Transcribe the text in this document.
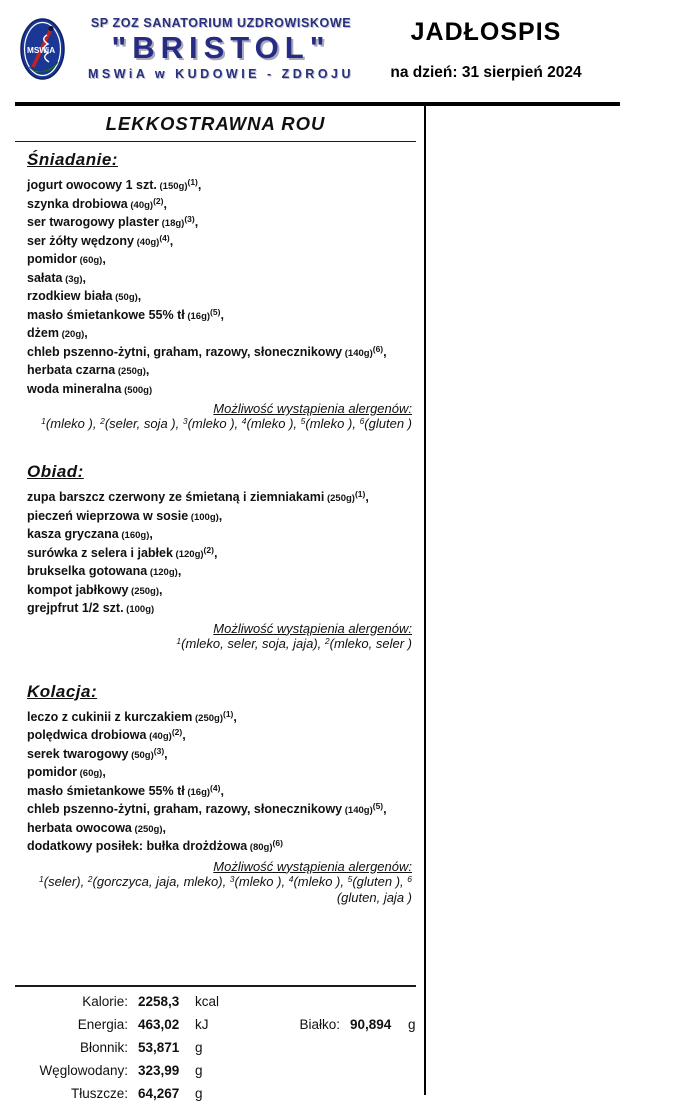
MSWiA
SP ZOZ SANATORIUM UZDROWISKOWE
"BRISTOL"
MSWiA w KUDOWIE - ZDROJU
JADŁOSPIS
na dzień: 31 sierpień 2024
LEKKOSTRAWNA ROU
Śniadanie:
jogurt owocowy 1 szt. $(150g)^{(1)}$,
szynka drobiowa $(40g)^{(2)}$,
ser twarogowy plaster $(18g)^{(3)}$,
ser żółty wędzony $(40g)^{(4)}$,
pomidor (60g),
sałata (3g),
rzodkiew biała (50g),
masło śmietankowe 55% tł $(16g)^{(5)}$,
dżem (20g),
chleb pszenno-żytni, graham, razowy, słonecznikowy $(140g)^{(6)}$,
herbata czarna (250g),
woda mineralna (500g)
Możliwość wystąpienia alergenów:
$^1$(mleko ), $^2$(seler, soja ), $^3$(mleko ), $^4$(mleko ), $^5$(mleko ), $^6$(gluten )
Obiad:
zupa barszcz czerwony ze śmietaną i ziemniakami $(250g)^{(1)}$,
pieczeń wieprzowa w sosie (100g),
kasza gryczana (160g),
surówka z selera i jabłek $(120g)^{(2)}$,
brukselka gotowana (120g),
kompot jabłkowy (250g),
grejpfrut 1/2 szt. (100g)
Możliwość wystąpienia alergenów:
$^1$(mleko, seler, soja, jaja), $^2$(mleko, seler )
Kolacja:
leczo z cukinii z kurczakiem $(250g)^{(1)}$,
polędwica drobiowa $(40g)^{(2)}$,
serek twarogowy $(50g)^{(3)}$,
pomidor (60g),
masło śmietankowe 55% tł $(16g)^{(4)}$,
chleb pszenno-żytni, graham, razowy, słonecznikowy $(140g)^{(5)}$,
herbata owocowa (250g),
dodatkowy posiłek: bułka drożdżowa $(80g)^{(6)}$
Możliwość wystąpienia alergenów:
$^1$(seler), $^2$(gorczyca, jaja, mleko), $^3$(mleko ), $^4$(mleko ), $^5$(gluten ), $^6$
(gluten, jaja )
Kalorie: 2258,3	kcal
Energia: 463,02	kJ	Białko: 90,894	g
Błonnik: 53,871	g
Węglowodany: 323,99	g
Tłuszcze: 64,267	g
